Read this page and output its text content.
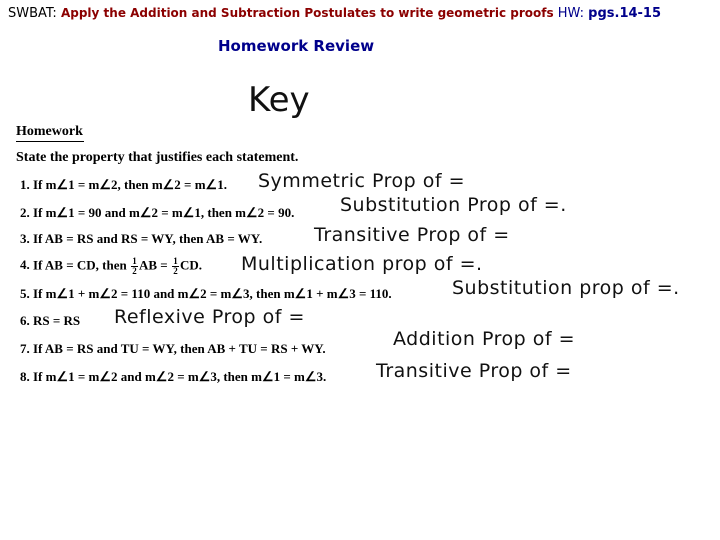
SWBAT: Apply the Addition and Subtraction Postulates to write geometric proofs HW: pgs.14-15
Homework Review
Key
Homework
State the property that justifies each statement.
1. If m∠1 = m∠2, then m∠2 = m∠1. Symmetric Prop of =
2. If m∠1 = 90 and m∠2 = m∠1, then m∠2 = 90. Substitution Prop of =.
3. If AB = RS and RS = WY, then AB = WY.	Transitive Prop of =
4. If AB = CD, then $\frac{1}{2}$ AB = $\frac{1}{2}$ CD. Multiplication prop of =.
5. If m∠1 + m∠2 = 110 and m∠2 = m∠3, then m∠1 + m∠3 = 110.	Substitution prop of =.
6. RS = RS Reflexive Prop of =
7. If AB = RS and TU = WY, then AB + TU = RS + WY.	Addition Prop of =
8. If m∠1 = m∠2 and m∠2 = m∠3, then m∠1 = m∠3.	Transitive Prop of =
